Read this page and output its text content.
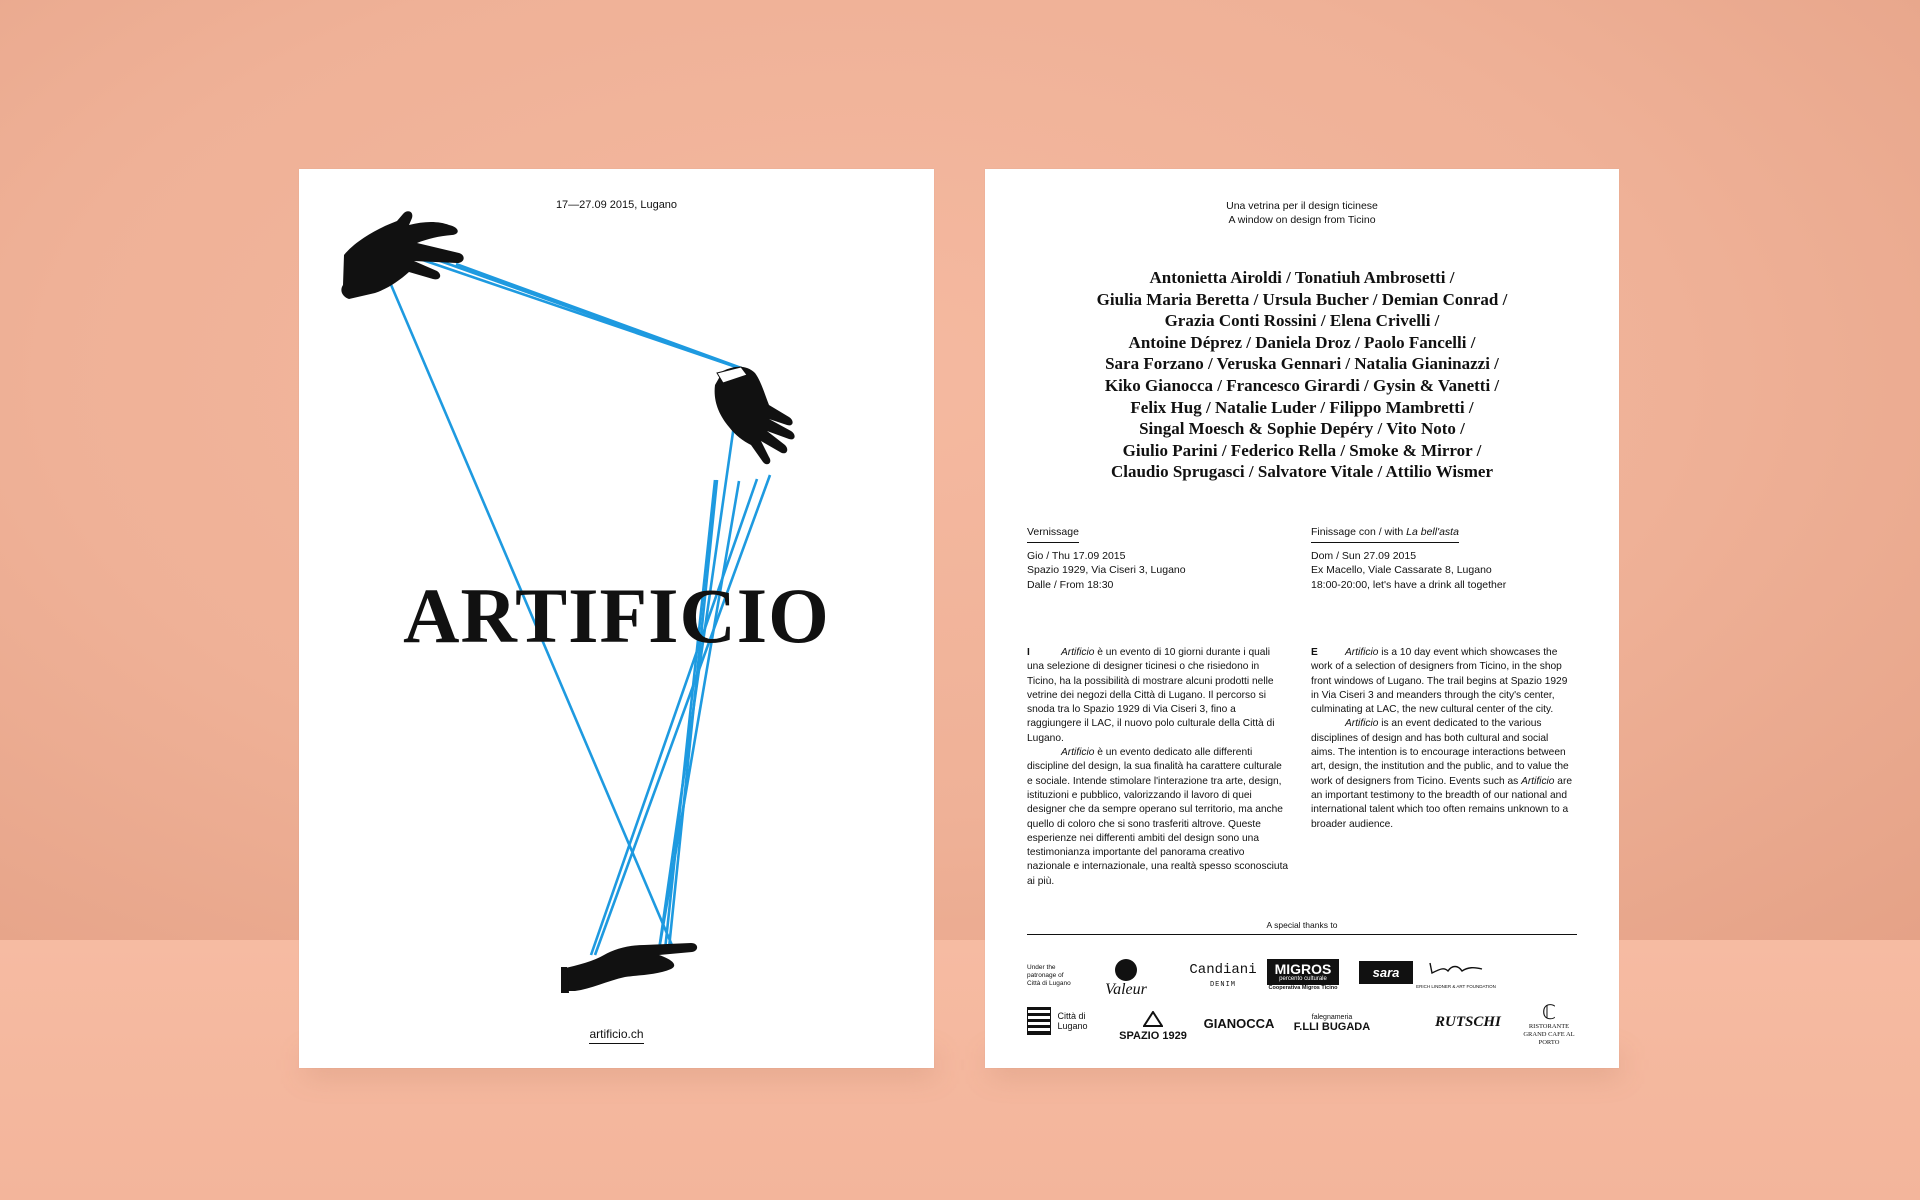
17—27.09 2015, Lugano
ARTIFICIO
artificio.ch
Una vetrina per il design ticinese
A window on design from Ticino
Antonietta Airoldi / Tonatiuh Ambrosetti /
Giulia Maria Beretta / Ursula Bucher / Demian Conrad /
Grazia Conti Rossini / Elena Crivelli /
Antoine Déprez / Daniela Droz / Paolo Fancelli /
Sara Forzano / Veruska Gennari / Natalia Gianinazzi /
Kiko Gianocca / Francesco Girardi / Gysin & Vanetti /
Felix Hug / Natalie Luder / Filippo Mambretti /
Singal Moesch & Sophie Depéry / Vito Noto /
Giulio Parini / Federico Rella / Smoke & Mirror /
Claudio Sprugasci / Salvatore Vitale / Attilio Wismer
Vernissage
Gio / Thu 17.09 2015
Spazio 1929, Via Ciseri 3, Lugano
Dalle / From 18:30
Finissage con / with La bell'asta
Dom / Sun 27.09 2015
Ex Macello, Viale Cassarate 8, Lugano
18:00-20:00, let's have a drink all together

I	Artificio è un evento di 10 giorni durante i quali una selezione di designer ticinesi o che risiedono in Ticino, ha la possibilità di mostrare alcuni prodotti nelle vetrine dei negozi della Città di Lugano. Il percorso si snoda tra lo Spazio 1929 di Via Ciseri 3, fino a raggiungere il LAC, il nuovo polo culturale della Città di Lugano.

Artificio è un evento dedicato alle differenti discipline del design, la sua finalità ha carattere culturale e sociale. Intende stimolare l'interazione tra arte, design, istituzioni e pubblico, valorizzando il lavoro di quei designer che da sempre operano sul territorio, ma anche quello di coloro che si sono trasferiti altrove. Queste esperienze nei differenti ambiti del design sono una testimonianza importante del panorama creativo nazionale e internazionale, una realtà spesso sconosciuta ai più.

E	Artificio is a 10 day event which showcases the work of a selection of designers from Ticino, in the shop front windows of Lugano. The trail begins at Spazio 1929 in Via Ciseri 3 and meanders through the city's center, culminating at LAC, the new cultural center of the city.

Artificio is an event dedicated to the various disciplines of design and has both cultural and social aims. The intention is to encourage interactions between art, design, the institution and the public, and to value the work of designers from Ticino. Events such as Artificio are an important testimony to the breadth of our national and international talent which too often remains unknown to a broader audience.

A special thanks to
Under the patronage of Città di Lugano	Valeur
Candiani
DENIM
MIGROS
percento culturale
Cooperativa Migros Ticino
sara
ERICH LINDNER & ART FOUNDATION
Città di Lugano
SPAZIO 1929
GIANOCCA	falegnameria
F.LLI BUGADA	RUTSCHI	ℂ
RISTORANTE GRAND CAFE AL PORTO
